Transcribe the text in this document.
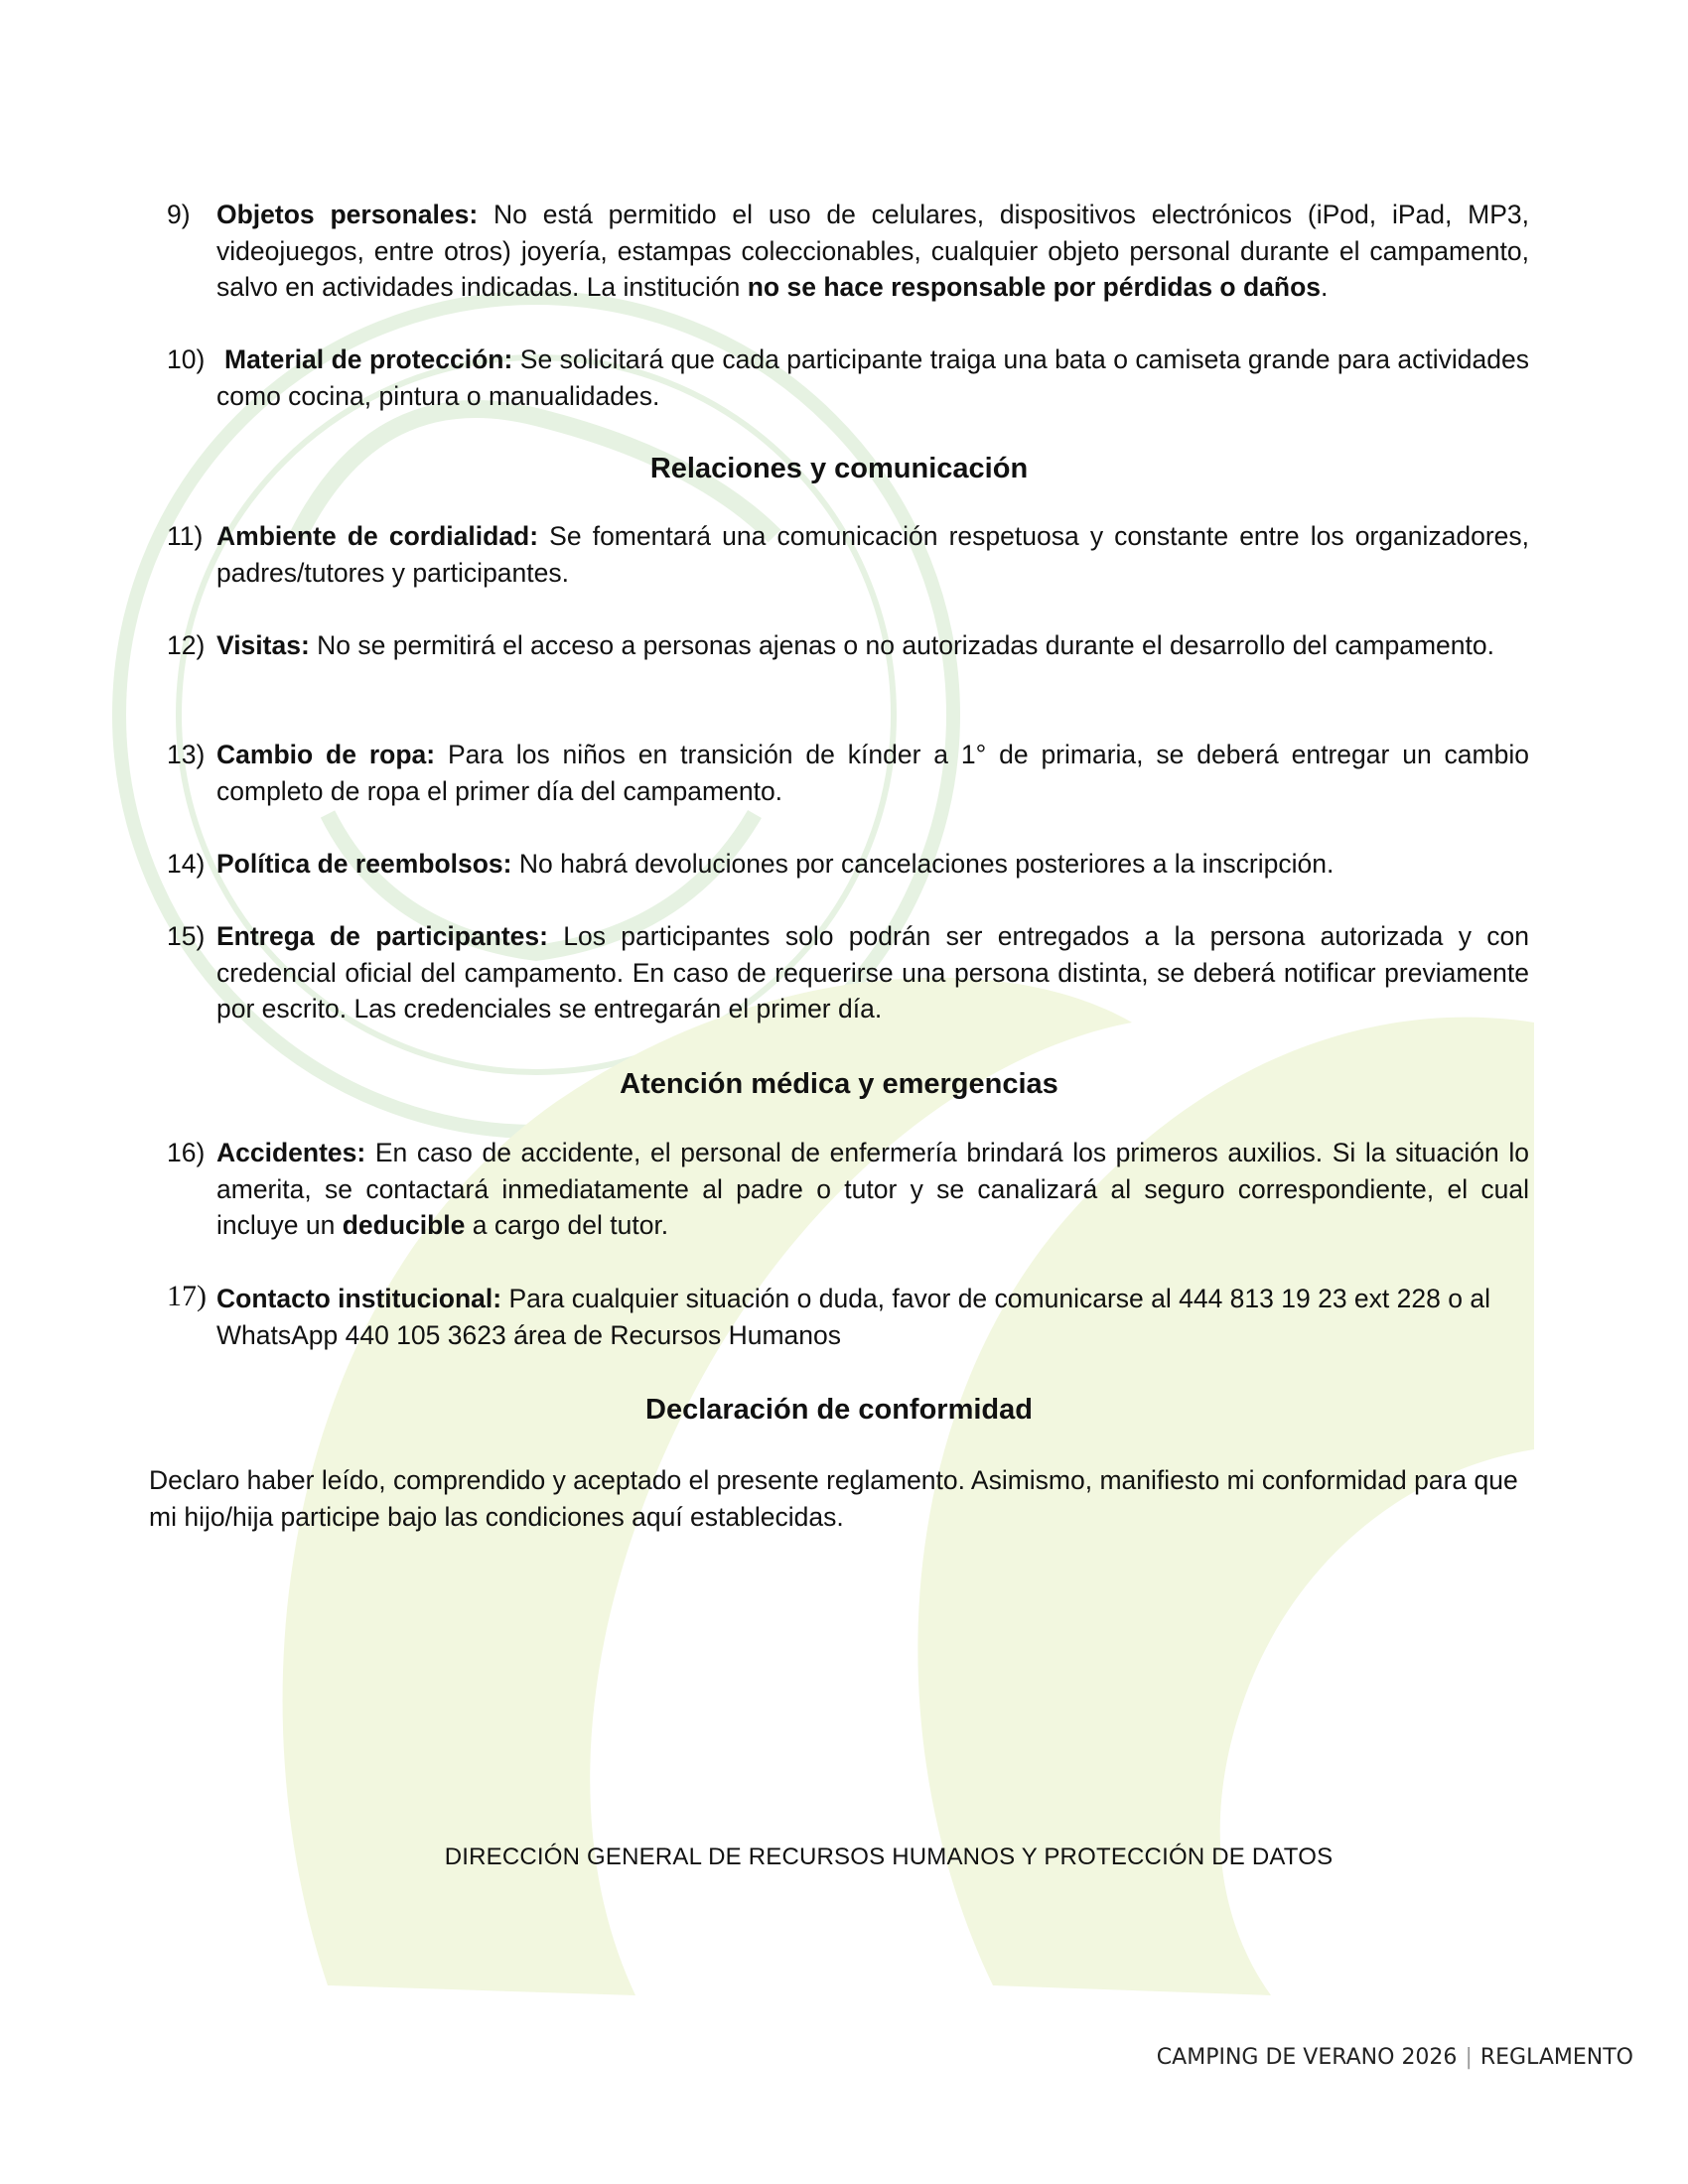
9) Objetos personales: No está permitido el uso de celulares, dispositivos electrónicos (iPod, iPad, MP3, videojuegos, entre otros) joyería, estampas coleccionables, cualquier objeto personal durante el campamento, salvo en actividades indicadas. La institución no se hace responsable por pérdidas o daños.
10) Material de protección: Se solicitará que cada participante traiga una bata o camiseta grande para actividades como cocina, pintura o manualidades.
Relaciones y comunicación
11) Ambiente de cordialidad: Se fomentará una comunicación respetuosa y constante entre los organizadores, padres/tutores y participantes.
12) Visitas: No se permitirá el acceso a personas ajenas o no autorizadas durante el desarrollo del campamento.
13) Cambio de ropa: Para los niños en transición de kínder a 1° de primaria, se deberá entregar un cambio completo de ropa el primer día del campamento.
14) Política de reembolsos: No habrá devoluciones por cancelaciones posteriores a la inscripción.
15) Entrega de participantes: Los participantes solo podrán ser entregados a la persona autorizada y con credencial oficial del campamento. En caso de requerirse una persona distinta, se deberá notificar previamente por escrito. Las credenciales se entregarán el primer día.
Atención médica y emergencias
16) Accidentes: En caso de accidente, el personal de enfermería brindará los primeros auxilios. Si la situación lo amerita, se contactará inmediatamente al padre o tutor y se canalizará al seguro correspondiente, el cual incluye un deducible a cargo del tutor.
17) Contacto institucional: Para cualquier situación o duda, favor de comunicarse al 444 813 19 23 ext 228 o al WhatsApp 440 105 3623 área de Recursos Humanos
Declaración de conformidad
Declaro haber leído, comprendido y aceptado el presente reglamento. Asimismo, manifiesto mi conformidad para que mi hijo/hija participe bajo las condiciones aquí establecidas.
DIRECCIÓN GENERAL DE RECURSOS HUMANOS Y PROTECCIÓN DE DATOS
CAMPING DE VERANO 2026 | REGLAMENTO
